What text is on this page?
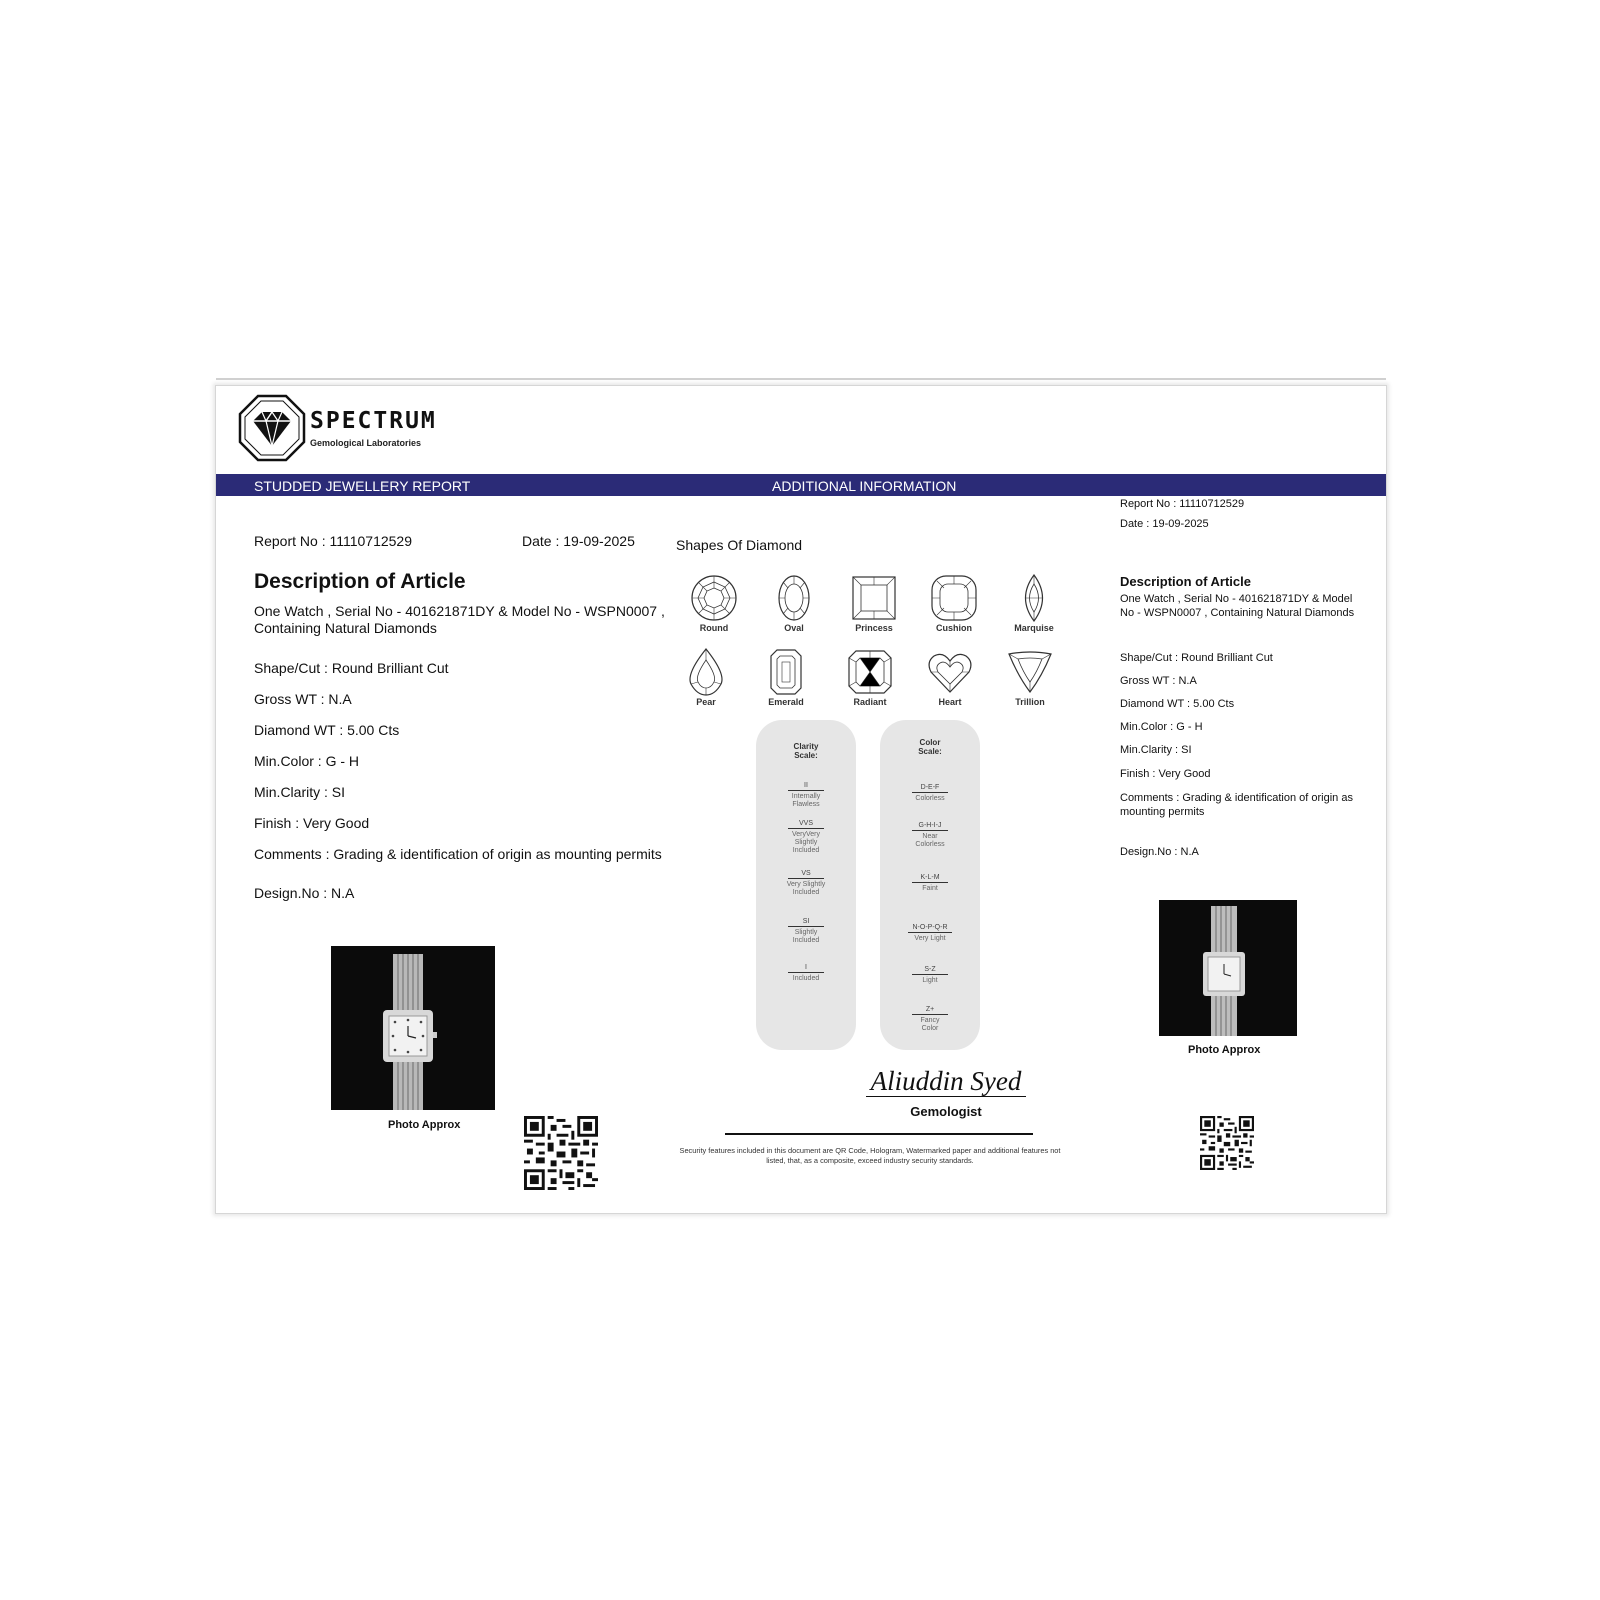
SPECTRUM
Gemological Laboratories
STUDDED JEWELLERY REPORT	ADDITIONAL INFORMATION
Report No : 11110712529	Date : 19-09-2025
Description of Article
One Watch , Serial No - 401621871DY & Model No - WSPN0007 ,
Containing Natural Diamonds
Shape/Cut : Round Brilliant Cut
Gross WT : N.A
Diamond WT : 5.00 Cts
Min.Color : G - H
Min.Clarity : SI
Finish : Very Good
Comments : Grading & identification of origin as mounting permits
Design.No : N.A
Photo Approx
Shapes Of Diamond
Round	Oval	Princess	Cushion	Marquise
Pear	Emerald	Radiant	Heart	Trillion
Clarity Scale:
II
Internally Flawless
VVS
VeryVery Slightly Included
VS
Very Slightly Included
SI
Slightly Included
I
Included
Color Scale:
D-E-F
Colorless
G-H-I-J
Near Colorless
K-L-M
Faint
N-O-P-Q-R
Very Light
S-Z
Light
Z+
Fancy Color
Aliuddin Syed
Gemologist
Security features included in this document are QR Code, Hologram, Watermarked paper and additional features not
listed, that, as a composite, exceed industry security standards.
Report No : 11110712529
Date : 19-09-2025
Description of Article
One Watch , Serial No - 401621871DY & Model No - WSPN0007 , Containing Natural Diamonds
Shape/Cut : Round Brilliant Cut
Gross WT : N.A
Diamond WT : 5.00 Cts
Min.Color : G - H
Min.Clarity : SI
Finish : Very Good
Comments : Grading & identification of origin as mounting permits
Design.No : N.A
Photo Approx
